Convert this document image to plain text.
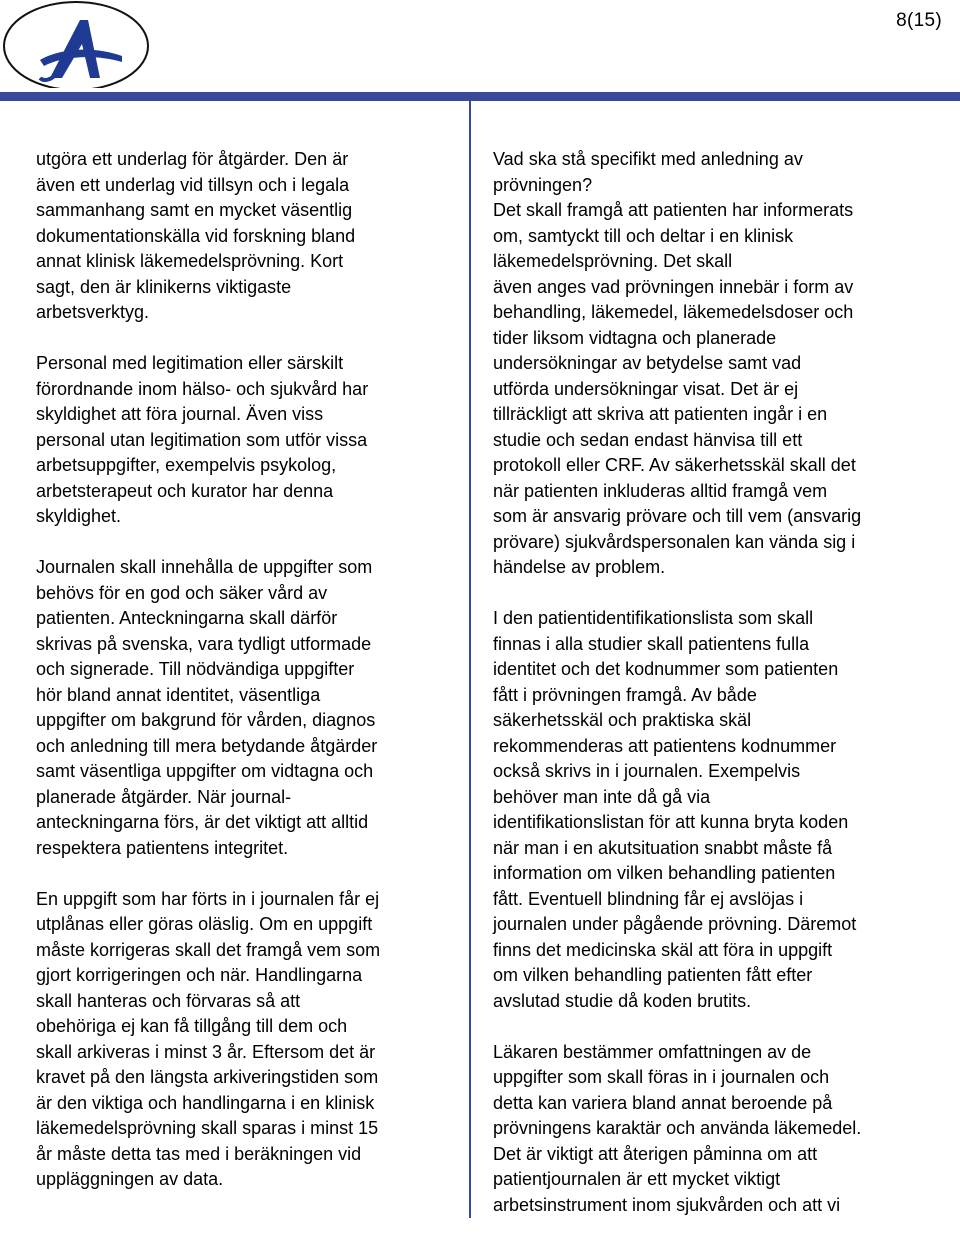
8(15)

utgöra ett underlag för åtgärder. Den är
även ett underlag vid tillsyn och i legala
sammanhang samt en mycket väsentlig
dokumentationskälla vid forskning bland
annat klinisk läkemedelsprövning. Kort
sagt, den är klinikerns viktigaste
arbetsverktyg.

Personal med legitimation eller särskilt
förordnande inom hälso- och sjukvård har
skyldighet att föra journal. Även viss
personal utan legitimation som utför vissa
arbetsuppgifter, exempelvis psykolog,
arbetsterapeut och kurator har denna
skyldighet.

Journalen skall innehålla de uppgifter som
behövs för en god och säker vård av
patienten. Anteckningarna skall därför
skrivas på svenska, vara tydligt utformade
och signerade. Till nödvändiga uppgifter
hör bland annat identitet, väsentliga
uppgifter om bakgrund för vården, diagnos
och anledning till mera betydande åtgärder
samt väsentliga uppgifter om vidtagna och
planerade åtgärder. När journal-
anteckningarna förs, är det viktigt att alltid
respektera patientens integritet.

En uppgift som har förts in i journalen får ej
utplånas eller göras oläslig. Om en uppgift
måste korrigeras skall det framgå vem som
gjort korrigeringen och när. Handlingarna
skall hanteras och förvaras så att
obehöriga ej kan få tillgång till dem och
skall arkiveras i minst 3 år. Eftersom det är
kravet på den längsta arkiveringstiden som
är den viktiga och handlingarna i en klinisk
läkemedelsprövning skall sparas i minst 15
år måste detta tas med i beräkningen vid
uppläggningen av data.

Vad ska stå specifikt med anledning av
prövningen?
Det skall framgå att patienten har informerats
om, samtyckt till och deltar i en klinisk
läkemedelsprövning. Det skall
även anges vad prövningen innebär i form av
behandling, läkemedel, läkemedelsdoser och
tider liksom vidtagna och planerade
undersökningar av betydelse samt vad
utförda undersökningar visat. Det är ej
tillräckligt att skriva att patienten ingår i en
studie och sedan endast hänvisa till ett
protokoll eller CRF. Av säkerhetsskäl skall det
när patienten inkluderas alltid framgå vem
som är ansvarig prövare och till vem (ansvarig
prövare) sjukvårdspersonalen kan vända sig i
händelse av problem.

I den patientidentifikationslista som skall
finnas i alla studier skall patientens fulla
identitet och det kodnummer som patienten
fått i prövningen framgå. Av både
säkerhetsskäl och praktiska skäl
rekommenderas att patientens kodnummer
också skrivs in i journalen. Exempelvis
behöver man inte då gå via
identifikationslistan för att kunna bryta koden
när man i en akutsituation snabbt måste få
information om vilken behandling patienten
fått. Eventuell blindning får ej avslöjas i
journalen under pågående prövning. Däremot
finns det medicinska skäl att föra in uppgift
om vilken behandling patienten fått efter
avslutad studie då koden brutits.

Läkaren bestämmer omfattningen av de
uppgifter som skall föras in i journalen och
detta kan variera bland annat beroende på
prövningens karaktär och använda läkemedel.
Det är viktigt att återigen påminna om att
patientjournalen är ett mycket viktigt
arbetsinstrument inom sjukvården och att vi
